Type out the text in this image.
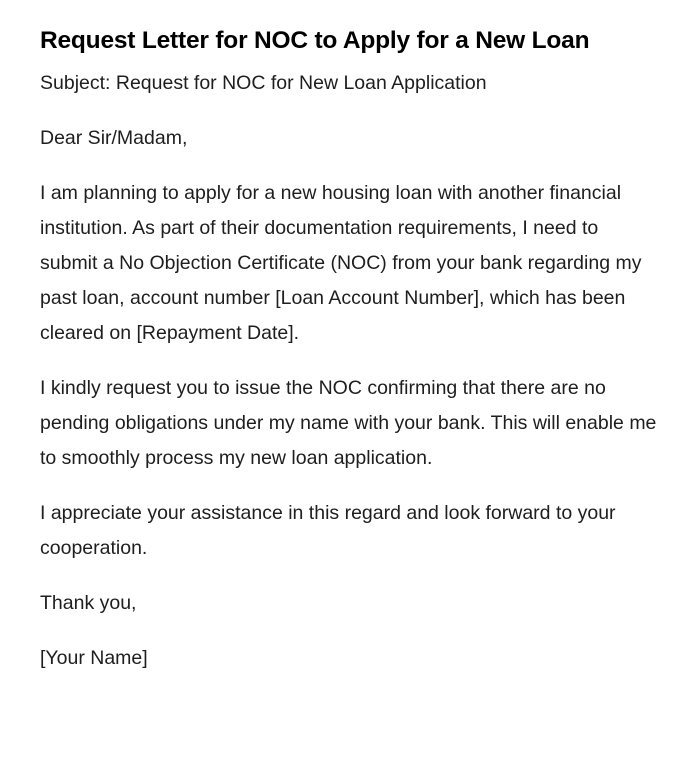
Request Letter for NOC to Apply for a New Loan

Subject: Request for NOC for New Loan Application

Dear Sir/Madam,

I am planning to apply for a new housing loan with another financial institution. As part of their documentation requirements, I need to submit a No Objection Certificate (NOC) from your bank regarding my past loan, account number [Loan Account Number], which has been cleared on [Repayment Date].

I kindly request you to issue the NOC confirming that there are no pending obligations under my name with your bank. This will enable me to smoothly process my new loan application.

I appreciate your assistance in this regard and look forward to your cooperation.

Thank you,

[Your Name]
